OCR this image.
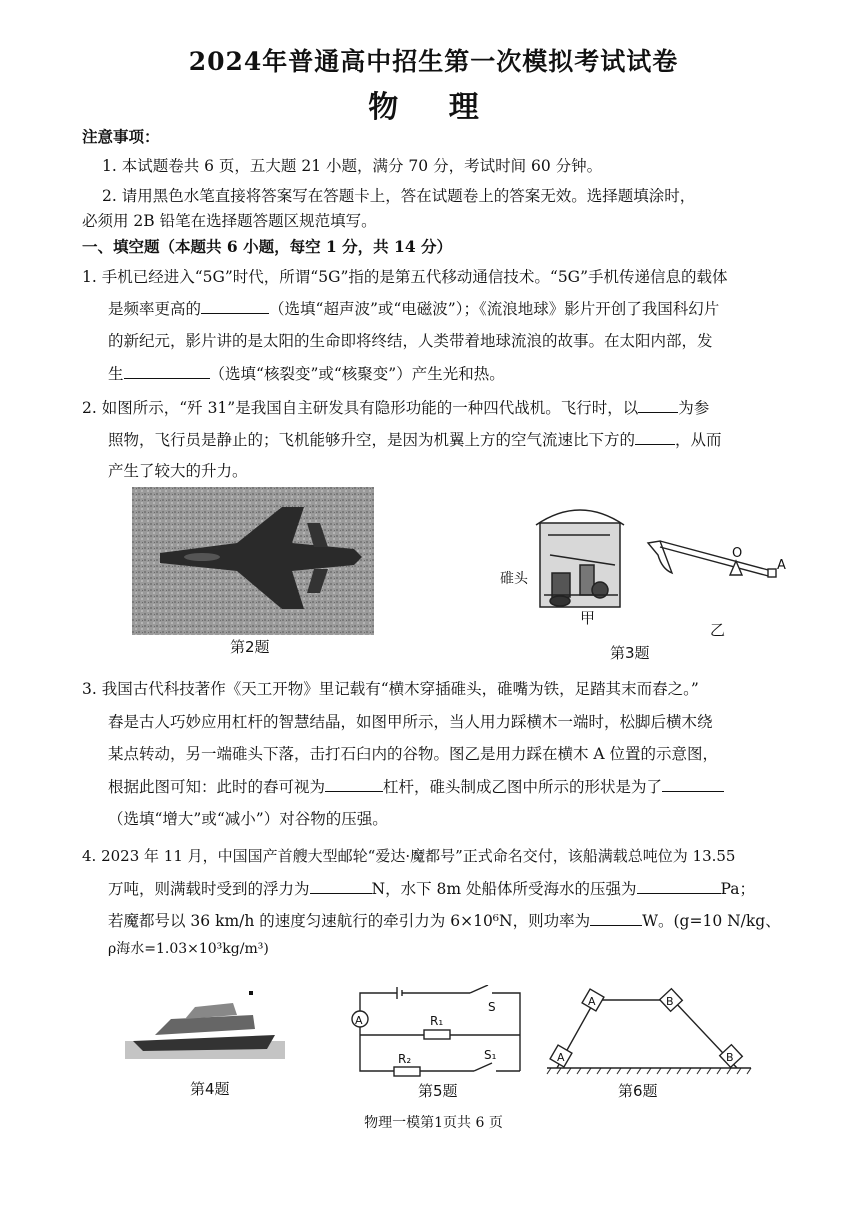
2024年普通高中招生第一次模拟考试试卷
物 理
注意事项：
1. 本试题卷共 6 页，五大题 21 小题，满分 70 分，考试时间 60 分钟。
2. 请用黑色水笔直接将答案写在答题卡上，答在试题卷上的答案无效。选择题填涂时，
必须用 2B 铅笔在选择题答题区规范填写。
一、填空题（本题共 6 小题，每空 1 分，共 14 分）
1. 手机已经进入“5G”时代，所谓“5G”指的是第五代移动通信技术。“5G”手机传递信息的载体
是频率更高的	（选填“超声波”或“电磁波”）；《流浪地球》影片开创了我国科幻片
的新纪元，影片讲的是太阳的生命即将终结，人类带着地球流浪的故事。在太阳内部，发
生	（选填“核裂变”或“核聚变”）产生光和热。
2. 如图所示，“歼 31”是我国自主研发具有隐形功能的一种四代战机。飞行时，以	为参
照物，飞行员是静止的；飞机能够升空，是因为机翼上方的空气流速比下方的	，从而
产生了较大的升力。
第2题
O
A
碓头
甲
乙
第3题
3. 我国古代科技著作《天工开物》里记载有“横木穿插碓头，碓嘴为铁，足踏其末而舂之。”
舂是古人巧妙应用杠杆的智慧结晶，如图甲所示，当人用力踩横木一端时，松脚后横木绕
某点转动，另一端碓头下落，击打石臼内的谷物。图乙是用力踩在横木 A 位置的示意图，
根据此图可知：此时的舂可视为	杠杆，碓头制成乙图中所示的形状是为了
（选填“增大”或“减小”）对谷物的压强。
4. 2023 年 11 月，中国国产首艘大型邮轮“爱达·魔都号”正式命名交付，该船满载总吨位为 13.55
万吨，则满载时受到的浮力为	N，水下 8m 处船体所受海水的压强为	Pa；
若魔都号以 36 km/h 的速度匀速航行的牵引力为 6×10⁶N，则功率为	W。(g=10 N/kg、
ρ海水=1.03×10³kg/m³)
第4题
A
S
R₁
R₂	S₁
第5题
A	B
A	B
第6题
物理一模第1页共 6 页
